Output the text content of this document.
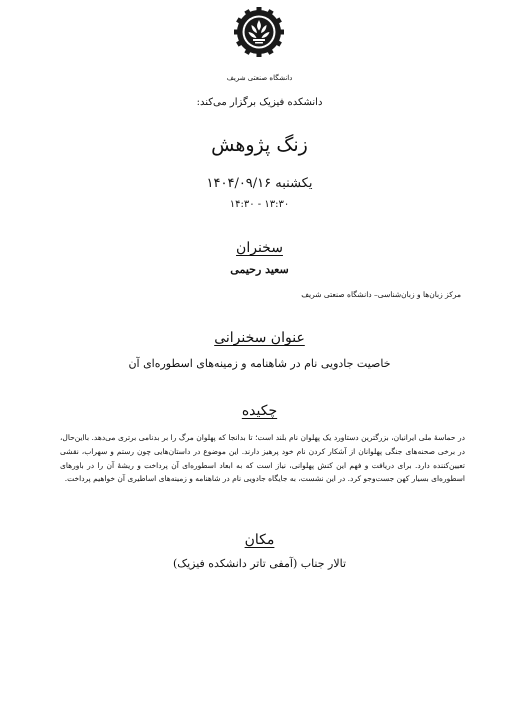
دانشگاه صنعتی شریف
دانشکده فیزیک برگزار می‌کند:
زنگ پژوهش
یکشنبه ۱۴۰۴/۰۹/۱۶
۱۳:۳۰ - ۱۴:۳۰
سخنران
سعید رحیمی
مرکز زبان‌ها و زبان‌شناسی– دانشگاه صنعتی شریف
عنوان سخنرانی
خاصیت جادویی نام در شاهنامه و زمینه‌های اسطوره‌ای آن
چکیده
در حماسهٔ ملی ایرانیان، بزرگترین دستاورد یک پهلوان نام بلند است؛ تا بدانجا که پهلوان مرگ را بر بدنامی برتری می‌دهد. بااین‌حال، در برخی صحنه‌های جنگی پهلوانان از آشکار کردن نام خود پرهیز دارند. این موضوع در داستان‌هایی چون رستم و سهراب، نقشی تعیین‌کننده دارد. برای دریافت و فهم این کنش پهلوانی، نیاز است که به ابعاد اسطوره‌ای آن پرداخت و ریشهٔ آن را در باورهای اسطوره‌ای بسیار کهن جست‌وجو کرد. در این نشست، به جایگاه جادویی نام در شاهنامه و زمینه‌های اساطیری آن خواهیم پرداخت.
مکان
تالار جناب (آمفی تاتر دانشکده فیزیک)
